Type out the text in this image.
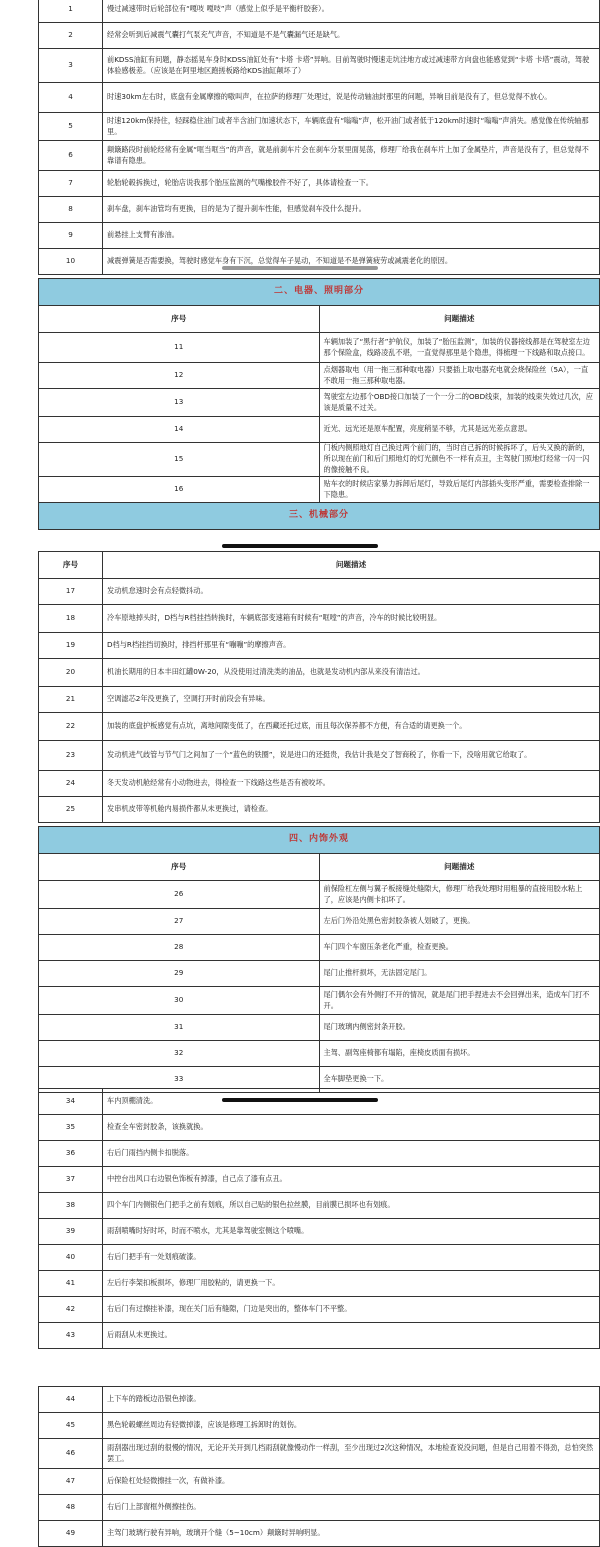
1	慢过减速带时后轮部位有“嘎吱 嘎吱”声（感觉上似乎是平衡杆胶套）。
2	经常会听到后减震气囊打气泵充气声音，不知道是不是气囊漏气还是缺气。
3	前KDSS油缸有问题，静态摇晃车身时KDSS油缸处有“卡塔 卡塔”异响。目前驾驶时慢速走坑洼地方或过减速带方向盘也能感觉到“卡塔 卡塔”震动，驾驶体验感极差。（应该是在阿里地区跑搓板路给KDS油缸颠坏了）
4	时速30km左右时，底盘有金属摩擦的嗷叫声，在拉萨的修理厂处理过，说是传动轴油封那里的问题，异响目前是没有了，但总觉得不放心。
5	时速120km保持住，轻踩稳住油门或者半含油门加速状态下，车辆底盘有“嗡嗡”声，松开油门或者低于120km时速时“嗡嗡”声消失。感觉像在传统轴那里。
6	颠簸路段时前轮经常有金属“哐当哐当”的声音，就是前刹车片会在刹车分泵里面晃荡，修理厂给我在刹车片上加了金属垫片，声音是没有了，但总觉得不靠谱有隐患。
7	轮胎轮毂拆换过，轮胎店说我那个胎压监测的气嘴橡胶件不好了，具体请检查一下。
8	刹车盘，刹车油管均有更换，目的是为了提升刹车性能，但感觉刹车没什么提升。
9	前悬挂上支臂有渗油。
10	减震弹簧是否需要换，驾驶时感觉车身有下沉，总觉得车子晃动，不知道是不是弹簧疲劳或减震老化的原因。
二、电器、照明部分	
序号	问题描述
11	车辆加装了“黑行者”护航仪，加装了“胎压监测”，加装的仪器接线都是在驾驶室左边那个保险盒，线路凌乱不堪，一直觉得那里是个隐患，得梳理一下线路和取点接口。
12	点烟器取电（用一拖三那种取电器）只要插上取电器充电就会烧保险丝（5A），一直不敢用一拖三那种取电器。
13	驾驶室左边那个OBD接口加装了一个一分二的OBD线束，加装的线束失效过几次，应该是质量不过关。
14	近光、远光还是原车配置，亮度稍显不够，尤其是远光差点意思。
15	门板内侧照地灯自己换过两个前门的，当时自己拆的时候拆坏了，后头又换的新的，所以现在前门和后门照地灯的灯光颜色不一样有点丑，主驾驶门照地灯经常一闪一闪的像接触不良。
16	贴车衣的时候店家暴力拆卸后尾灯，导致后尾灯内部插头变形严重，需要检查排除一下隐患。
三、机械部分	
序号	问题描述
17	发动机怠速时会有点轻微抖动。
18	冷车原地掉头时，D档与R档挂挡转换时，车辆底部变速箱有时候有“哐嘡”的声音，冷车的时候比较明显。
19	D档与R档挂挡切换时，排挡杆那里有“嘣嘣”的摩擦声音。
20	机油长期用的日本丰田红罐0W-20，从没使用过清洗类的油品，也就是发动机内部从来没有清洁过。
21	空调滤芯2年没更换了，空调打开时前段会有异味。
22	加装的底盘护板感觉有点坑，离地间隙变低了，在西藏还托过底，而且每次保养都不方便，有合适的请更换一个。
23	发动机进气歧管与节气门之间加了一个“蓝色的铁圈”，说是进口的还挺贵，我估计我是交了智商税了，你看一下，没啥用就它给取了。
24	冬天发动机舱经常有小动物进去，得检查一下线路这些是否有被咬坏。
25	发串机皮带等机舱内易损件都从未更换过，请检查。
四、内饰外观	
序号	问题描述
26	前保险杠左侧与翼子板接缝处缝隙大，修理厂给我处理时用粗暴的直接用胶水粘上了，应该是内侧卡扣坏了。
27	左后门外沿处黑色密封胶条被人划破了，更换。
28	车门四个车窗压条老化严重，检查更换。
29	尾门止推杆损坏，无法固定尾门。
30	尾门偶尔会有外侧打不开的情况，就是尾门把手捏进去不会回弹出来，造成车门打不开。
31	尾门玻璃内侧密封条开胶。
32	主驾、副驾座椅都有塌陷，座椅皮质面有损坏。
33	全车脚垫更换一下。
34	车内顶棚清洗。
35	检查全车密封胶条，该换就换。
36	右后门雨挡内侧卡扣脱落。
37	中控台出风口右边银色饰板有掉漆，自己点了漆有点丑。
38	四个车门内侧银色门把手之前有划痕，所以自己贴的银色拉丝膜，目前膜已损坏也有划痕。
39	雨刮喷嘴时好时坏，时而不喷水，尤其是靠驾驶室侧这个喷嘴。
40	右后门把手有一处划痕破漆。
41	左后行李架扣板损坏，修理厂用胶粘的，请更换一下。
42	右后门有过擦挂补漆，现在关门后有缝隙，门边是突出的，整体车门不平整。
43	后雨刮从未更换过。
44	上下车的踏板边沿银色掉漆。
45	黑色轮毂螺丝周边有轻微掉漆，应该是修理工拆卸时的划伤。
46	雨刮器出现过刮的很慢的情况，无论开关开到几档雨刮就像慢动作一样刮，至少出现过2次这种情况，本地检查说没问题，但是自己用着不得劲，总怕突然罢工。
47	后保险杠处轻微擦挂一次，有做补漆。
48	右后门上部窗框外侧擦挂伤。
49	主驾门玻璃行驶有异响，玻璃开个缝（5~10cm）颠簸时异响明显。
